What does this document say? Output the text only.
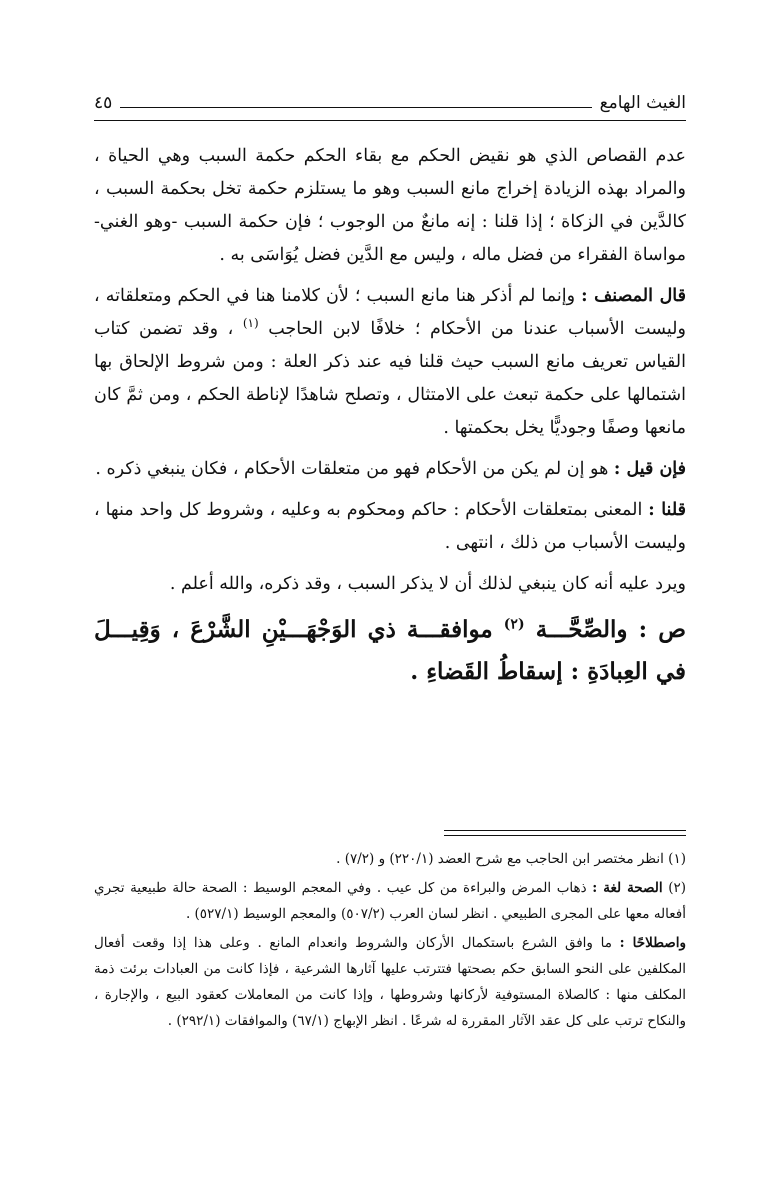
الغيث الهامع
٤٥

عدم القصاص الذي هو نقيض الحكم مع بقاء الحكم حكمة السبب وهي الحياة ، والمراد بهذه الزيادة إخراج مانع السبب وهو ما يستلزم حكمة تخل بحكمة السبب ، كالدَّين في الزكاة ؛ إذا قلنا : إنه مانعٌ من الوجوب ؛ فإن حكمة السبب -وهو الغني- مواساة الفقراء من فضل ماله ، وليس مع الدَّين فضل يُوَاسَى به .

قال المصنف : وإنما لم أذكر هنا مانع السبب ؛ لأن كلامنا هنا في الحكم ومتعلقاته ، وليست الأسباب عندنا من الأحكام ؛ خلافًا لابن الحاجب $^{(١)}$ ، وقد تضمن كتاب القياس تعريف مانع السبب حيث قلنا فيه عند ذكر العلة : ومن شروط الإلحاق بها اشتمالها على حكمة تبعث على الامتثال ، وتصلح شاهدًا لإناطة الحكم ، ومن ثمَّ كان مانعها وصفًا وجوديًّا يخل بحكمتها .

فإن قيل : هو إن لم يكن من الأحكام فهو من متعلقات الأحكام ، فكان ينبغي ذكره .

قلنا : المعنى بمتعلقات الأحكام : حاكم ومحكوم به وعليه ، وشروط كل واحد منها ، وليست الأسباب من ذلك ، انتهى .

ويرد عليه أنه كان ينبغي لذلك أن لا يذكر السبب ، وقد ذكره، والله أعلم .

ص : والصِّحَّـــة $^{(٢)}$ موافقـــة ذي الوَجْهَـــيْنِ الشَّرْعَ ، وَقِيـــلَ في العِبادَةِ : إسقاطُ القَضاءِ .

(١) انظر مختصر ابن الحاجب مع شرح العضد (٢٢٠/١) و (٧/٢) .

(٢) الصحة لغة : ذهاب المرض والبراءة من كل عيب . وفي المعجم الوسيط : الصحة حالة طبيعية تجري أفعاله معها على المجرى الطبيعي . انظر لسان العرب (٥٠٧/٢) والمعجم الوسيط (٥٢٧/١) .

واصطلاحًا : ما وافق الشرع باستكمال الأركان والشروط وانعدام المانع . وعلى هذا إذا وقعت أفعال المكلفين على النحو السابق حكم بصحتها فتترتب عليها آثارها الشرعية ، فإذا كانت من العبادات برئت ذمة المكلف منها : كالصلاة المستوفية لأركانها وشروطها ، وإذا كانت من المعاملات كعقود البيع ، والإجارة ، والنكاح ترتب على كل عقد الآثار المقررة له شرعًا . انظر الإبهاج (٦٧/١) والموافقات (٢٩٢/١) .
